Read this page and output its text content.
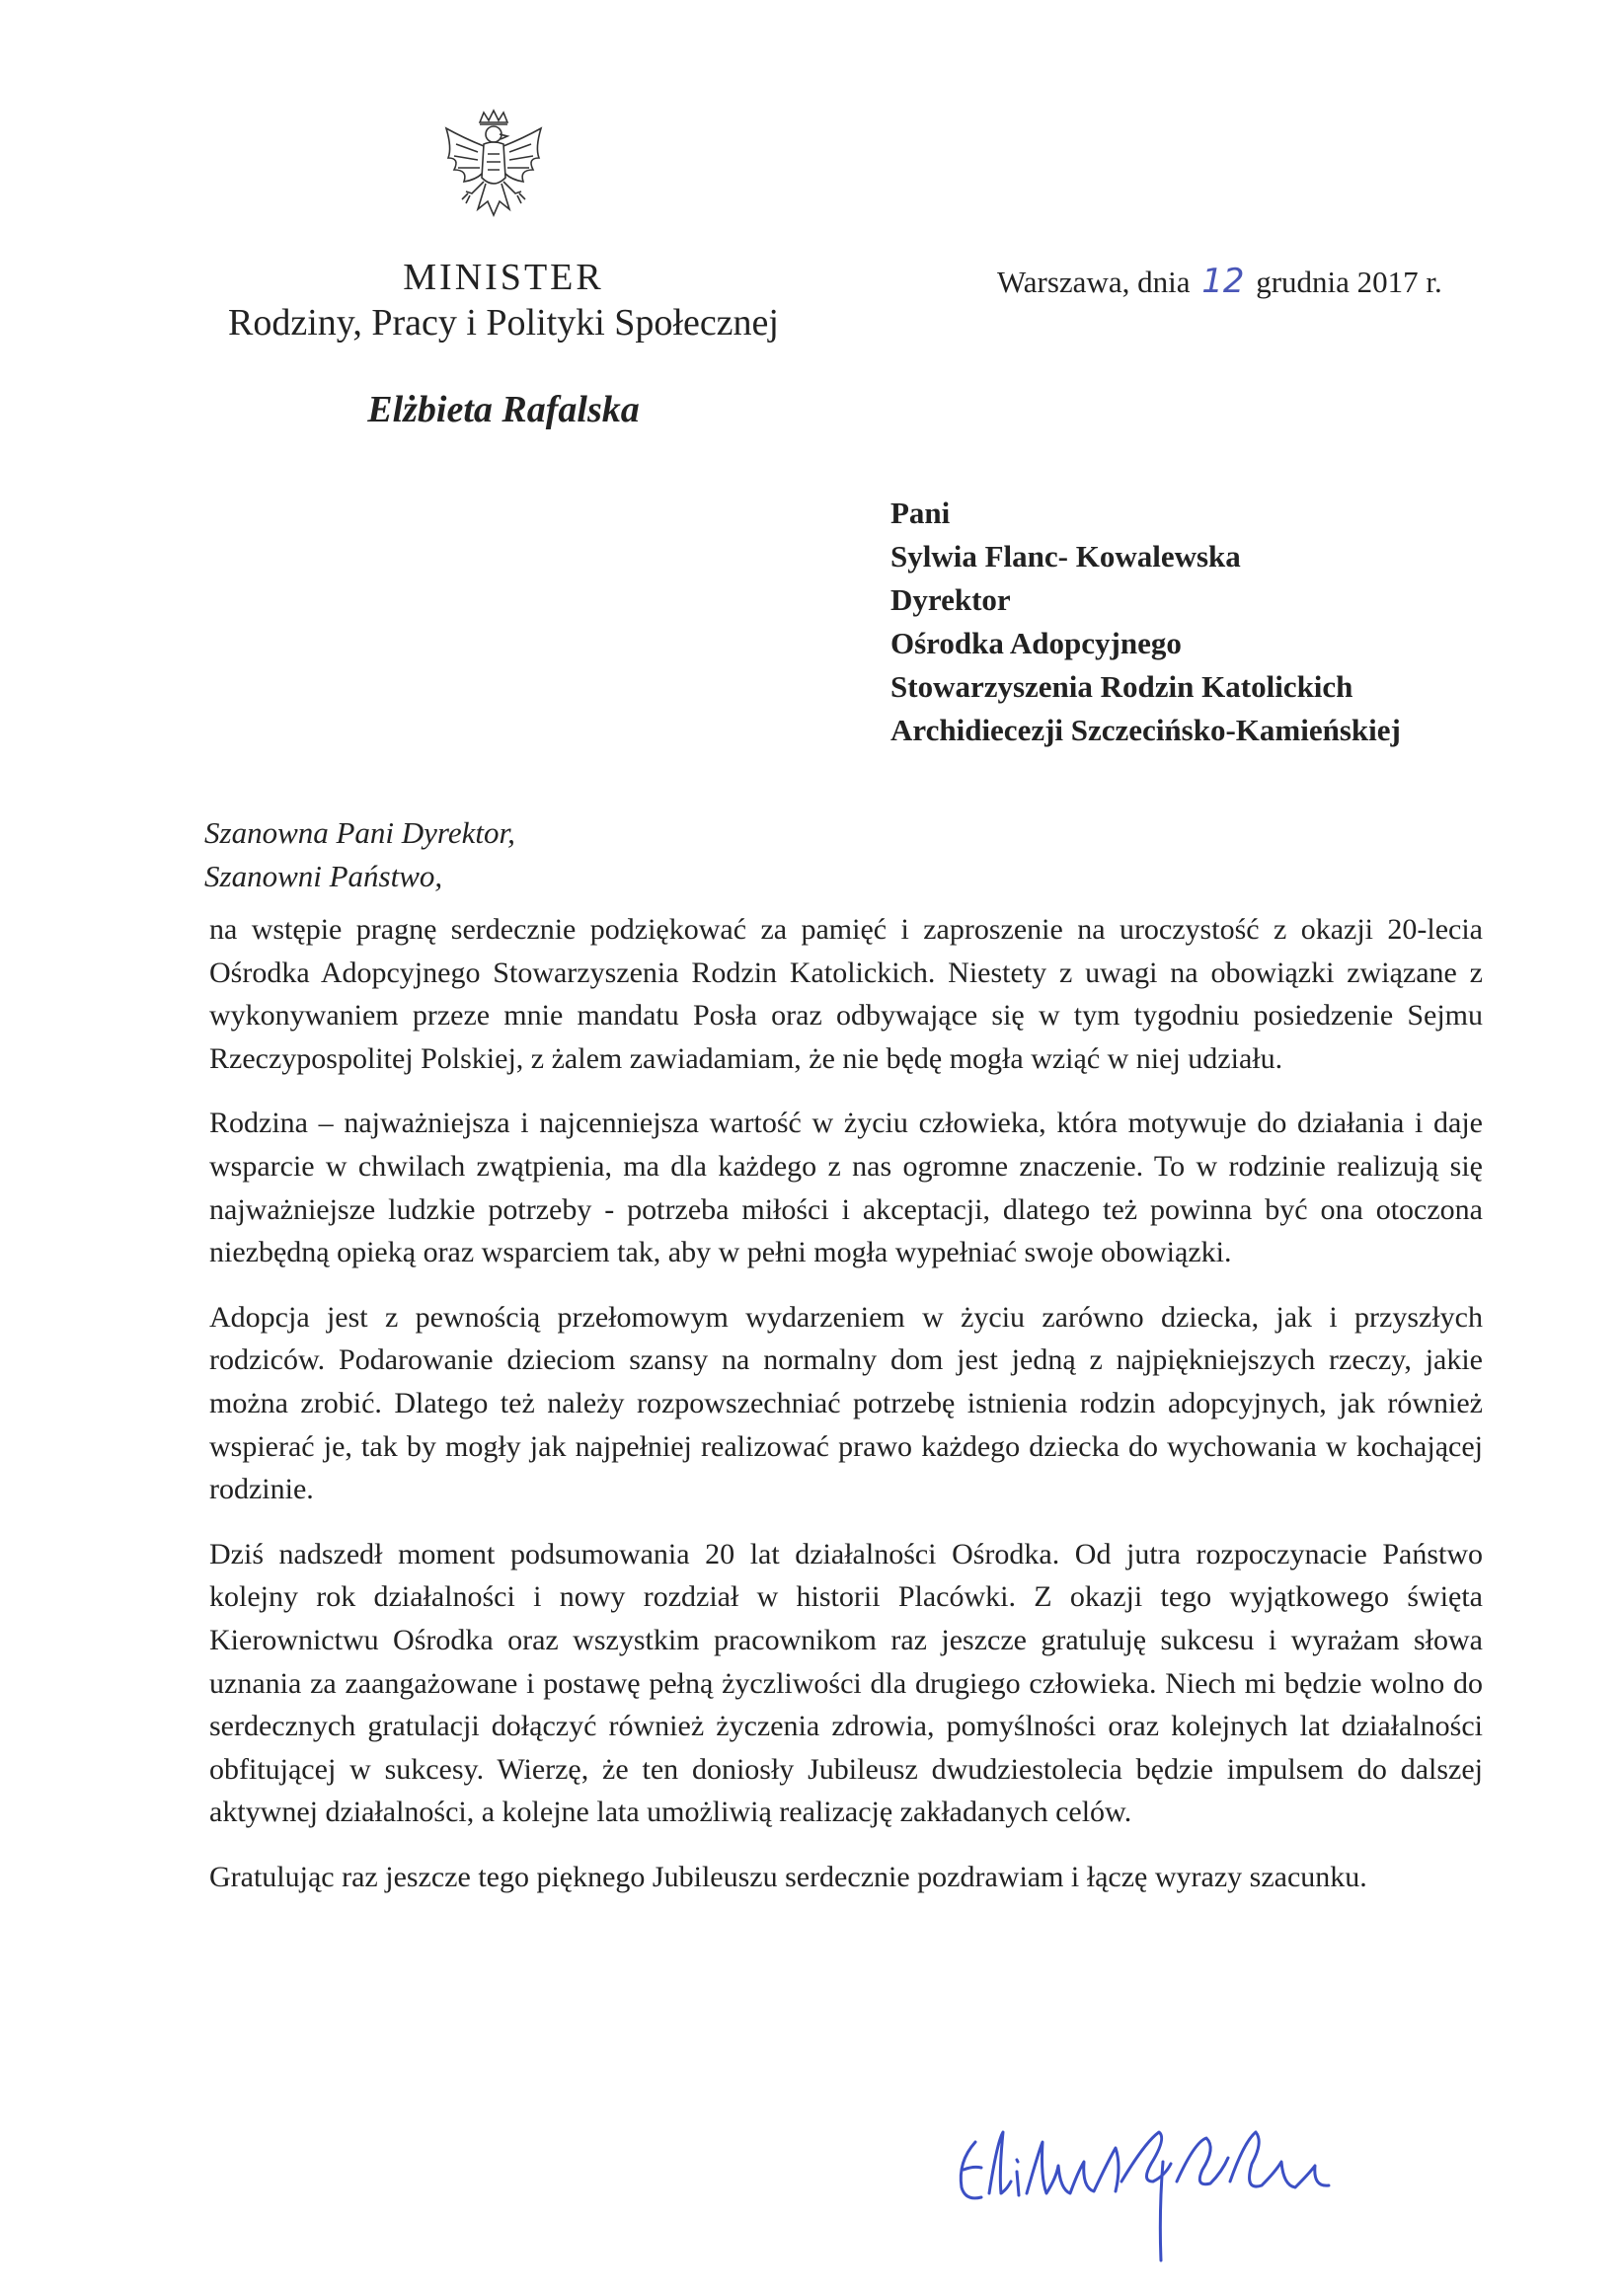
MINISTER
Rodziny, Pracy i Polityki Społecznej
Elżbieta Rafalska
Warszawa, dnia 12 grudnia 2017 r.
Pani
Sylwia Flanc- Kowalewska
Dyrektor
Ośrodka Adopcyjnego
Stowarzyszenia Rodzin Katolickich
Archidiecezji Szczecińsko-Kamieńskiej
Szanowna Pani Dyrektor,
Szanowni Państwo,

na wstępie pragnę serdecznie podziękować za pamięć i zaproszenie na uroczystość z okazji 20-lecia Ośrodka Adopcyjnego Stowarzyszenia Rodzin Katolickich. Niestety z uwagi na obowiązki związane z wykonywaniem przeze mnie mandatu Posła oraz odbywające się w tym tygodniu posiedzenie Sejmu Rzeczypospolitej Polskiej, z żalem zawiadamiam, że nie będę mogła wziąć w niej udziału.

Rodzina – najważniejsza i najcenniejsza wartość w życiu człowieka, która motywuje do działania i daje wsparcie w chwilach zwątpienia, ma dla każdego z nas ogromne znaczenie. To w rodzinie realizują się najważniejsze ludzkie potrzeby - potrzeba miłości i akceptacji, dlatego też powinna być ona otoczona niezbędną opieką oraz wsparciem tak, aby w pełni mogła wypełniać swoje obowiązki.

Adopcja jest z pewnością przełomowym wydarzeniem w życiu zarówno dziecka, jak i przyszłych rodziców. Podarowanie dzieciom szansy na normalny dom jest jedną z najpiękniejszych rzeczy, jakie można zrobić. Dlatego też należy rozpowszechniać potrzebę istnienia rodzin adopcyjnych, jak również wspierać je, tak by mogły jak najpełniej realizować prawo każdego dziecka do wychowania w kochającej rodzinie.

Dziś nadszedł moment podsumowania 20 lat działalności Ośrodka. Od jutra rozpoczynacie Państwo kolejny rok działalności i nowy rozdział w historii Placówki. Z okazji tego wyjątkowego święta Kierownictwu Ośrodka oraz wszystkim pracownikom raz jeszcze gratuluję sukcesu i wyrażam słowa uznania za zaangażowane i postawę pełną życzliwości dla drugiego człowieka. Niech mi będzie wolno do serdecznych gratulacji dołączyć również życzenia zdrowia, pomyślności oraz kolejnych lat działalności obfitującej w sukcesy. Wierzę, że ten doniosły Jubileusz dwudziestolecia będzie impulsem do dalszej aktywnej działalności, a kolejne lata umożliwią realizację zakładanych celów.

Gratulując raz jeszcze tego pięknego Jubileuszu serdecznie pozdrawiam i łączę wyrazy szacunku.
